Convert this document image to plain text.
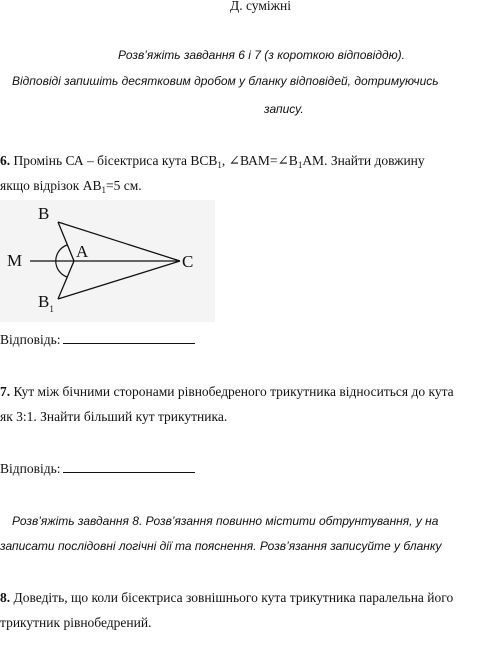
Д. суміжні
Розв’яжіть завдання 6 і 7 (з короткою відповіддю).
Відповіді запишіть десятковим дробом у бланку відповідей, дотримуючись
запису.
6. Промінь СА – бісектриса кута $ВСВ_1$, $\angle ВАМ=\angle В_1АМ$. Знайти довжину
якщо відрізок $АВ_1=5$ см.
B
A
M	C
$B_1$
Відповідь:
7. Кут між бічними сторонами рівнобедреного трикутника відноситься до кута
як 3:1. Знайти більший кут трикутника.
Відповідь:
Розв’яжіть завдання 8. Розв’язання повинно містити обтрунтування, у на
записати послідовні логічні дії та пояснення. Розв’язання записуйте у бланку
8. Доведіть, що коли бісектриса зовнішнього кута трикутника паралельна його
трикутник рівнобедрений.
